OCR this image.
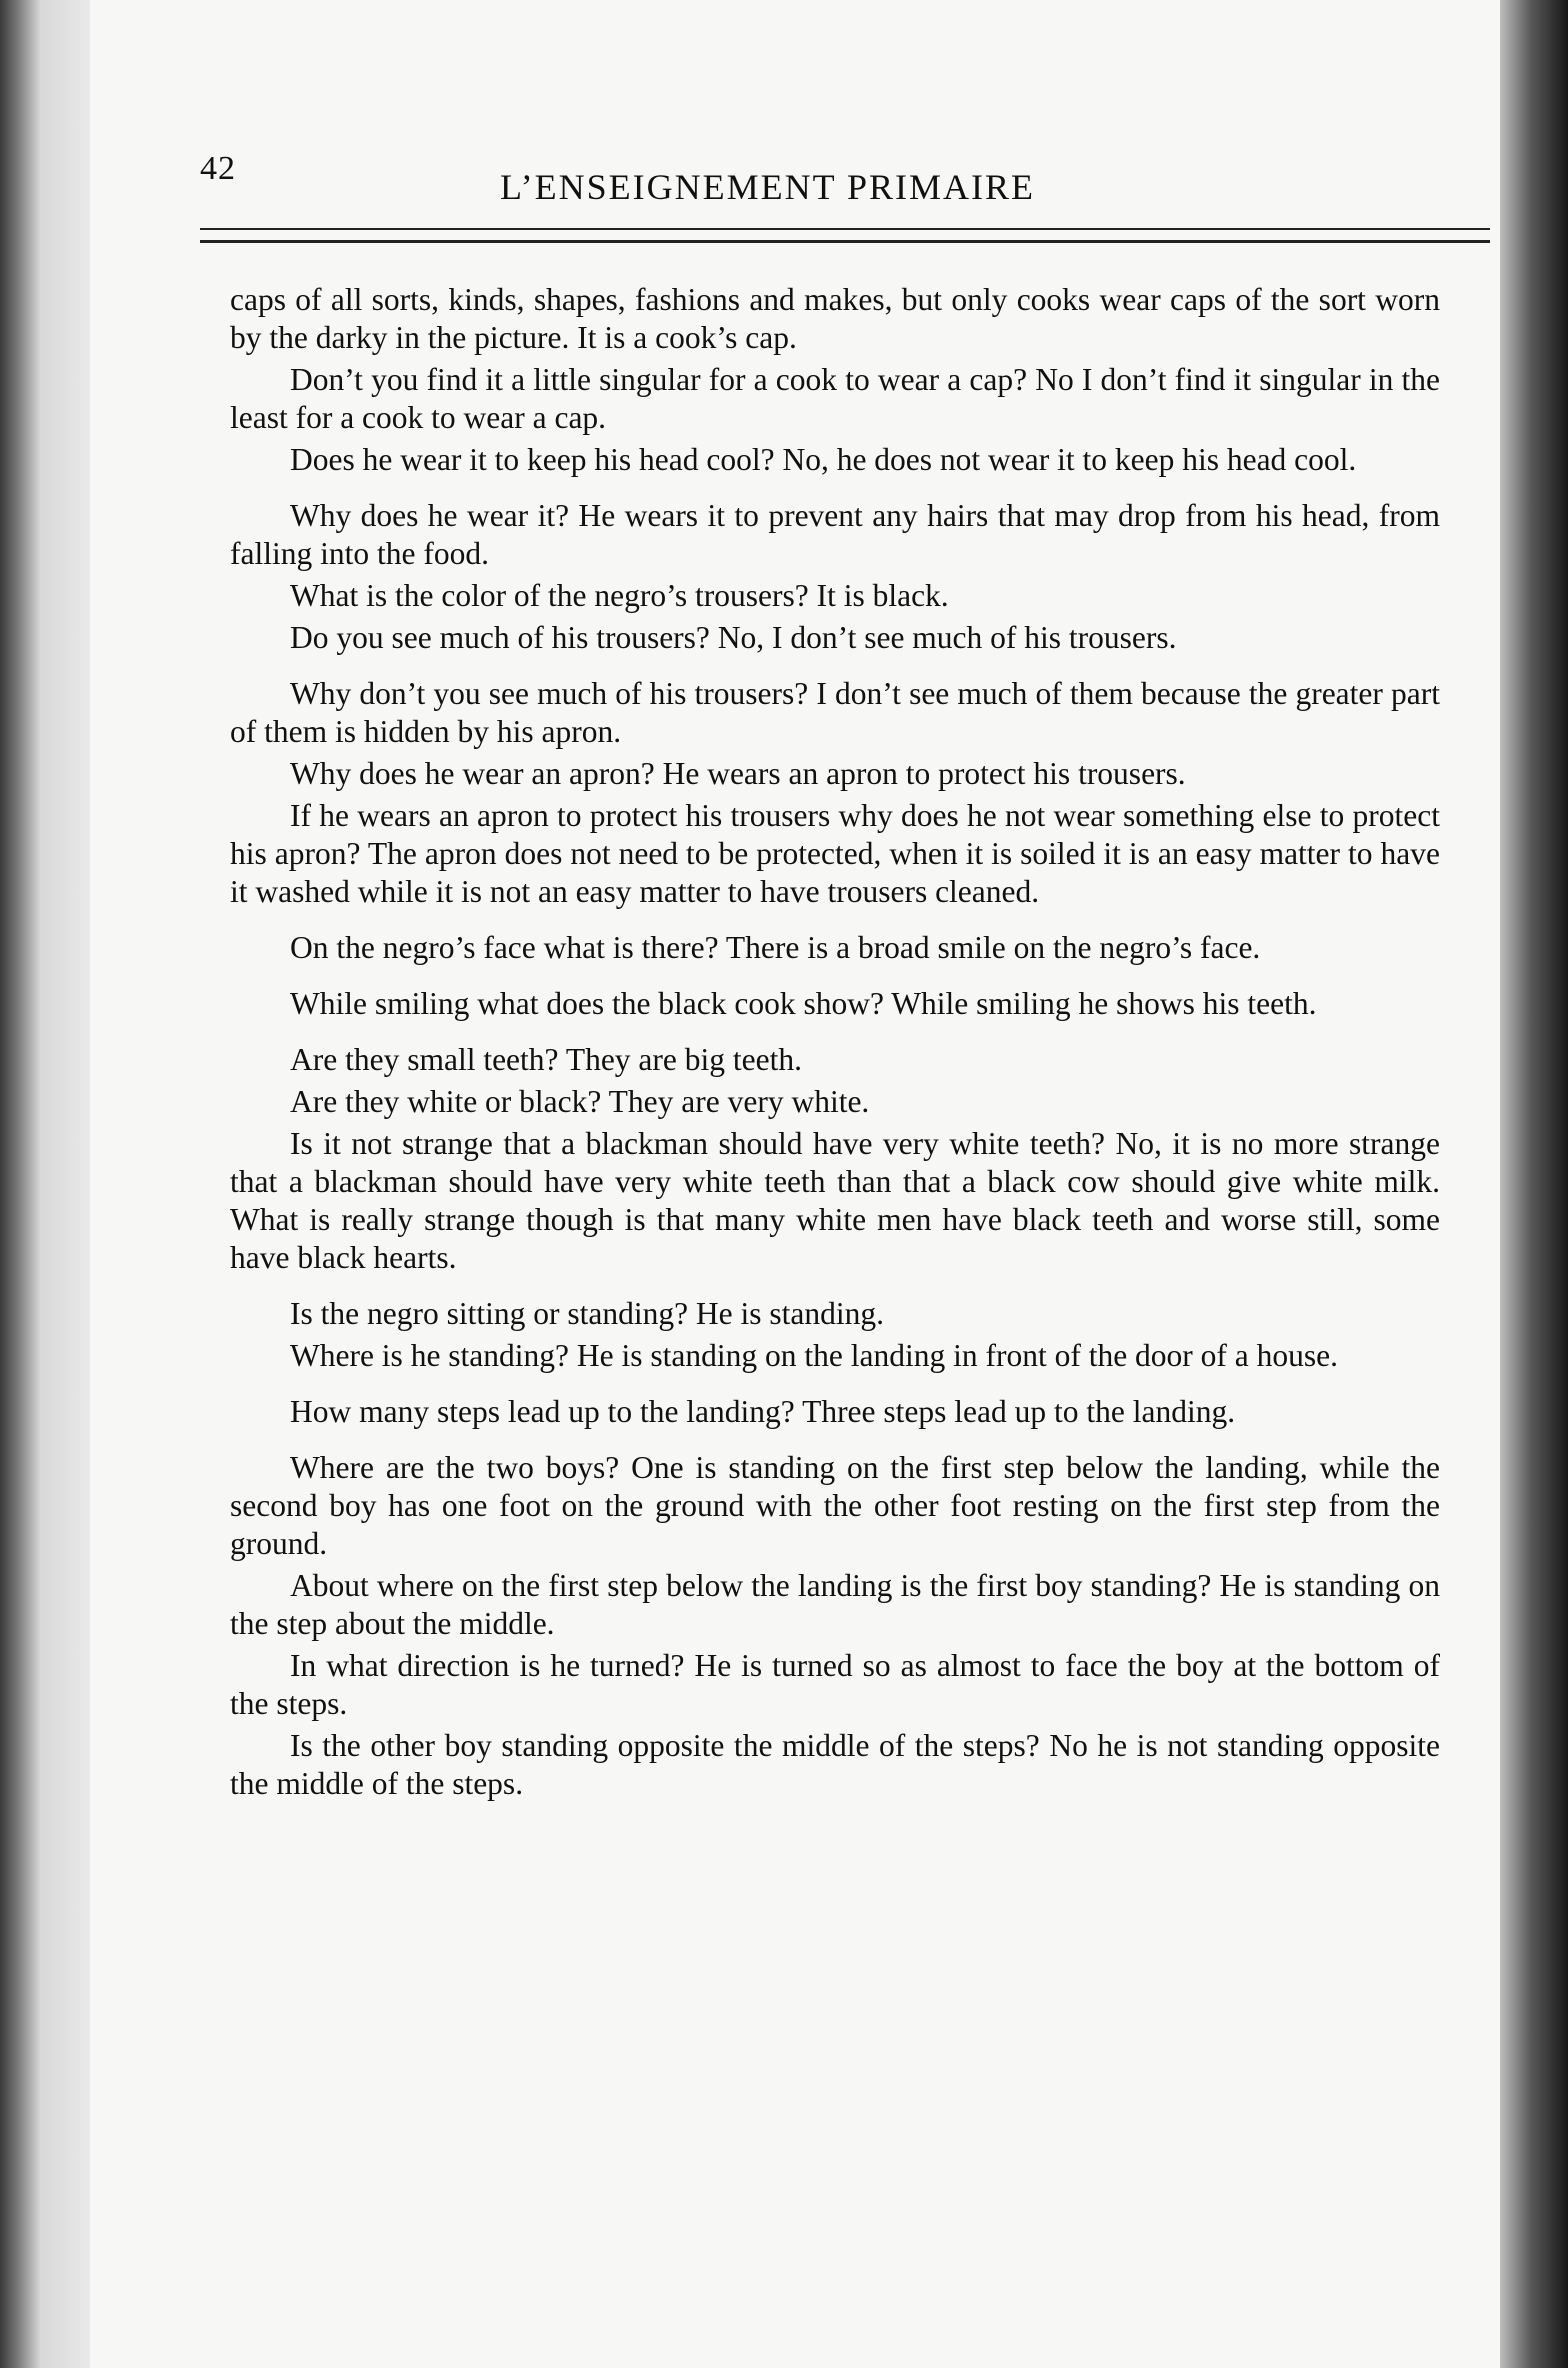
42	L’ENSEIGNEMENT PRIMAIRE

caps of all sorts, kinds, shapes, fashions and makes, but only cooks wear caps of the sort worn by the darky in the picture. It is a cook’s cap.

Don’t you find it a little singular for a cook to wear a cap? No I don’t find it singular in the least for a cook to wear a cap.

Does he wear it to keep his head cool? No, he does not wear it to keep his head cool.

Why does he wear it? He wears it to prevent any hairs that may drop from his head, from falling into the food.

What is the color of the negro’s trousers? It is black.

Do you see much of his trousers? No, I don’t see much of his trousers.

Why don’t you see much of his trousers? I don’t see much of them because the greater part of them is hidden by his apron.

Why does he wear an apron? He wears an apron to protect his trousers.

If he wears an apron to protect his trousers why does he not wear something else to protect his apron? The apron does not need to be protected, when it is soiled it is an easy matter to have it washed while it is not an easy matter to have trousers cleaned.

On the negro’s face what is there? There is a broad smile on the negro’s face.

While smiling what does the black cook show? While smiling he shows his teeth.

Are they small teeth? They are big teeth.

Are they white or black? They are very white.

Is it not strange that a blackman should have very white teeth? No, it is no more strange that a blackman should have very white teeth than that a black cow should give white milk. What is really strange though is that many white men have black teeth and worse still, some have black hearts.

Is the negro sitting or standing? He is standing.

Where is he standing? He is standing on the landing in front of the door of a house.

How many steps lead up to the landing? Three steps lead up to the landing.

Where are the two boys? One is standing on the first step below the landing, while the second boy has one foot on the ground with the other foot resting on the first step from the ground.

About where on the first step below the landing is the first boy standing? He is standing on the step about the middle.

In what direction is he turned? He is turned so as almost to face the boy at the bottom of the steps.

Is the other boy standing opposite the middle of the steps? No he is not standing opposite the middle of the steps.
